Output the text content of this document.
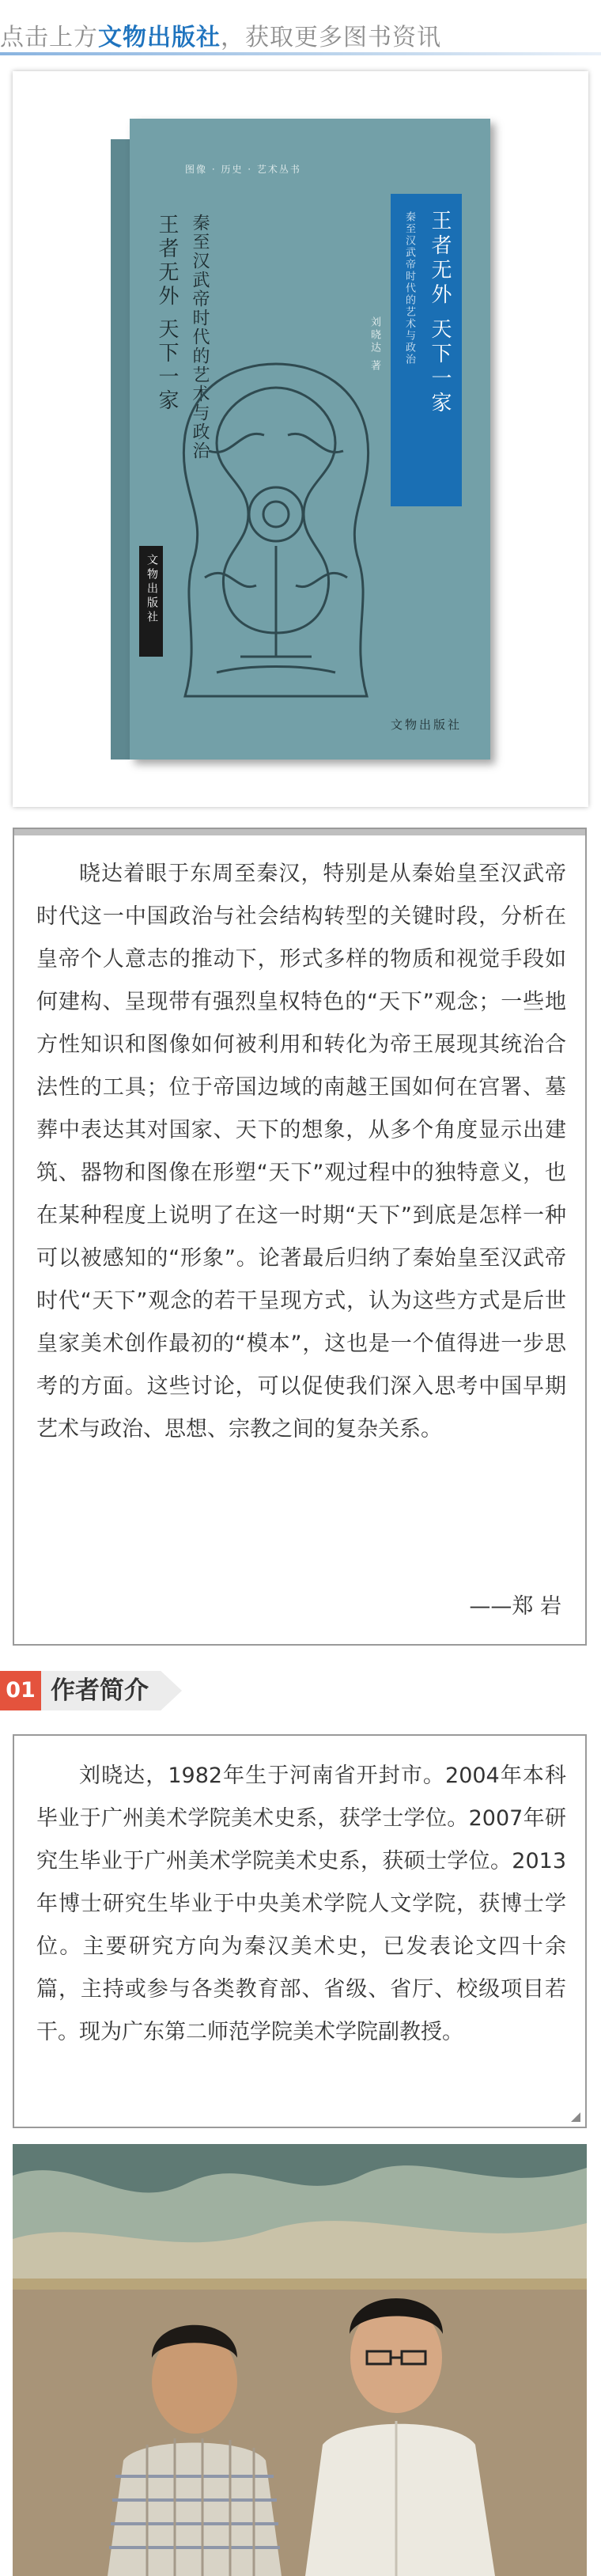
点击上方文物出版社，获取更多图书资讯
图像 · 历史 · 艺术丛书
王者无外 天下一家 秦至汉武帝时代的艺术与政治	刘晓达 著 王者无外 天下一家
秦至汉武帝时代的艺术与政治
文物出版社
文物出版社

晓达着眼于东周至秦汉，特别是从秦始皇至汉武帝时代这一中国政治与社会结构转型的关键时段，分析在皇帝个人意志的推动下，形式多样的物质和视觉手段如何建构、呈现带有强烈皇权特色的“天下”观念；一些地方性知识和图像如何被利用和转化为帝王展现其统治合法性的工具；位于帝国边域的南越王国如何在宫署、墓葬中表达其对国家、天下的想象，从多个角度显示出建筑、器物和图像在形塑“天下”观过程中的独特意义，也在某种程度上说明了在这一时期“天下”到底是怎样一种可以被感知的“形象”。论著最后归纳了秦始皇至汉武帝时代“天下”观念的若干呈现方式，认为这些方式是后世皇家美术创作最初的“模本”，这也是一个值得进一步思考的方面。这些讨论，可以促使我们深入思考中国早期艺术与政治、思想、宗教之间的复杂关系。

——郑 岩
01 作者简介

刘晓达，1982年生于河南省开封市。2004年本科毕业于广州美术学院美术史系，获学士学位。2007年研究生毕业于广州美术学院美术史系，获硕士学位。2013年博士研究生毕业于中央美术学院人文学院，获博士学位。主要研究方向为秦汉美术史，已发表论文四十余篇，主持或参与各类教育部、省级、省厅、校级项目若干。现为广东第二师范学院美术学院副教授。
